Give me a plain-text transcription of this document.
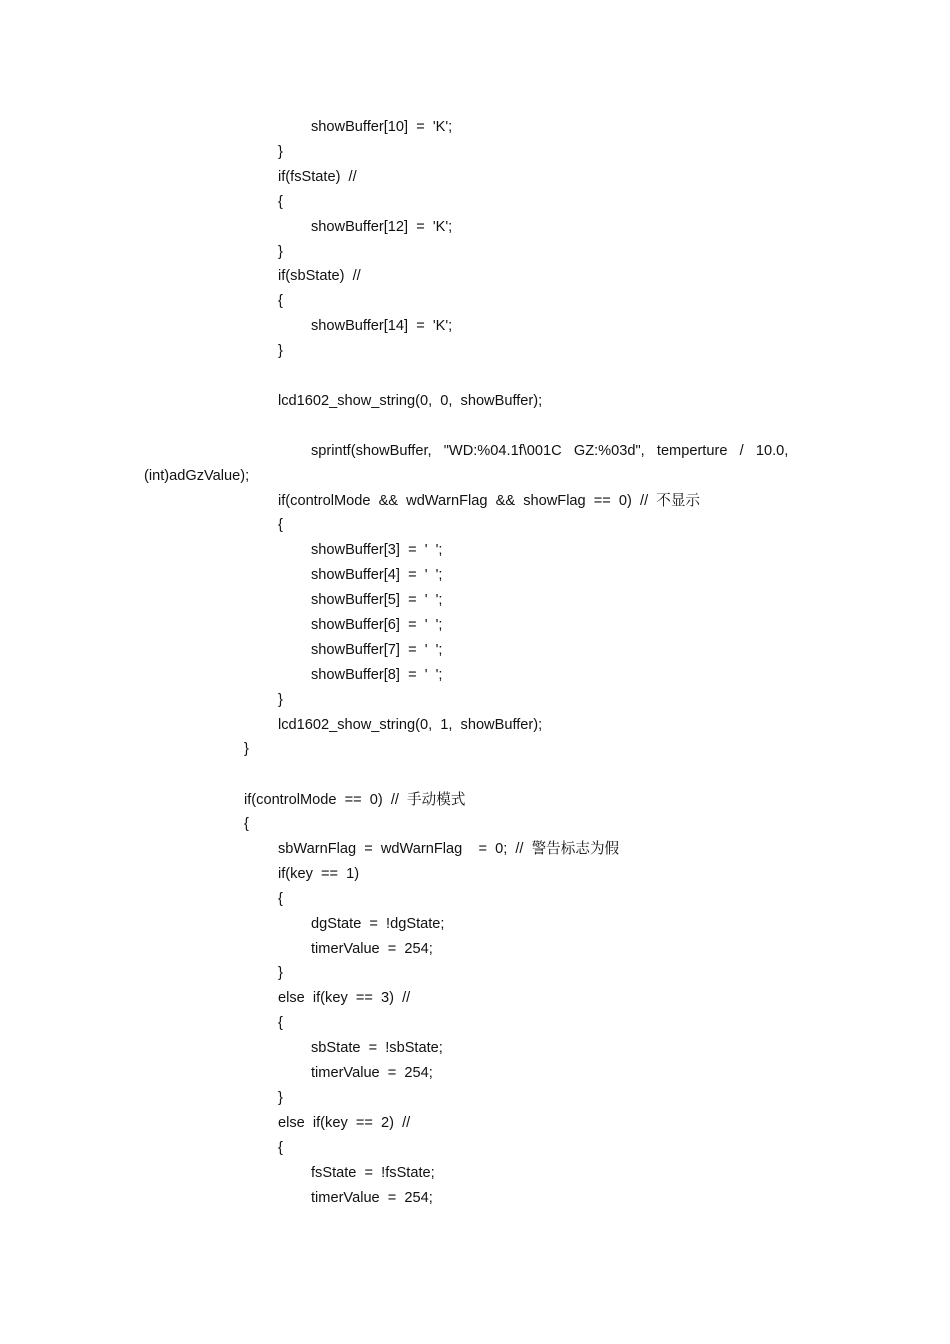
showBuffer[10]  =  'K';
}
if(fsState)  //
{
showBuffer[12]  =  'K';
}
if(sbState)  //
{
showBuffer[14]  =  'K';
}
lcd1602_show_string(0,  0,  showBuffer);
sprintf(showBuffer,   "WD:%04.1f\001C   GZ:%03d",   temperture   /   10.0,
(int)adGzValue);
if(controlMode  &&  wdWarnFlag  &&  showFlag  ==  0)  //  不显示
{
showBuffer[3]  =  '  ';
showBuffer[4]  =  '  ';
showBuffer[5]  =  '  ';
showBuffer[6]  =  '  ';
showBuffer[7]  =  '  ';
showBuffer[8]  =  '  ';
}
lcd1602_show_string(0,  1,  showBuffer);
}
if(controlMode  ==  0)  //  手动模式
{
sbWarnFlag  =  wdWarnFlag    =  0;  //  警告标志为假
if(key  ==  1)
{
dgState  =  !dgState;
timerValue  =  254;
}
else  if(key  ==  3)  //
{
sbState  =  !sbState;
timerValue  =  254;
}
else  if(key  ==  2)  //
{
fsState  =  !fsState;
timerValue  =  254;
